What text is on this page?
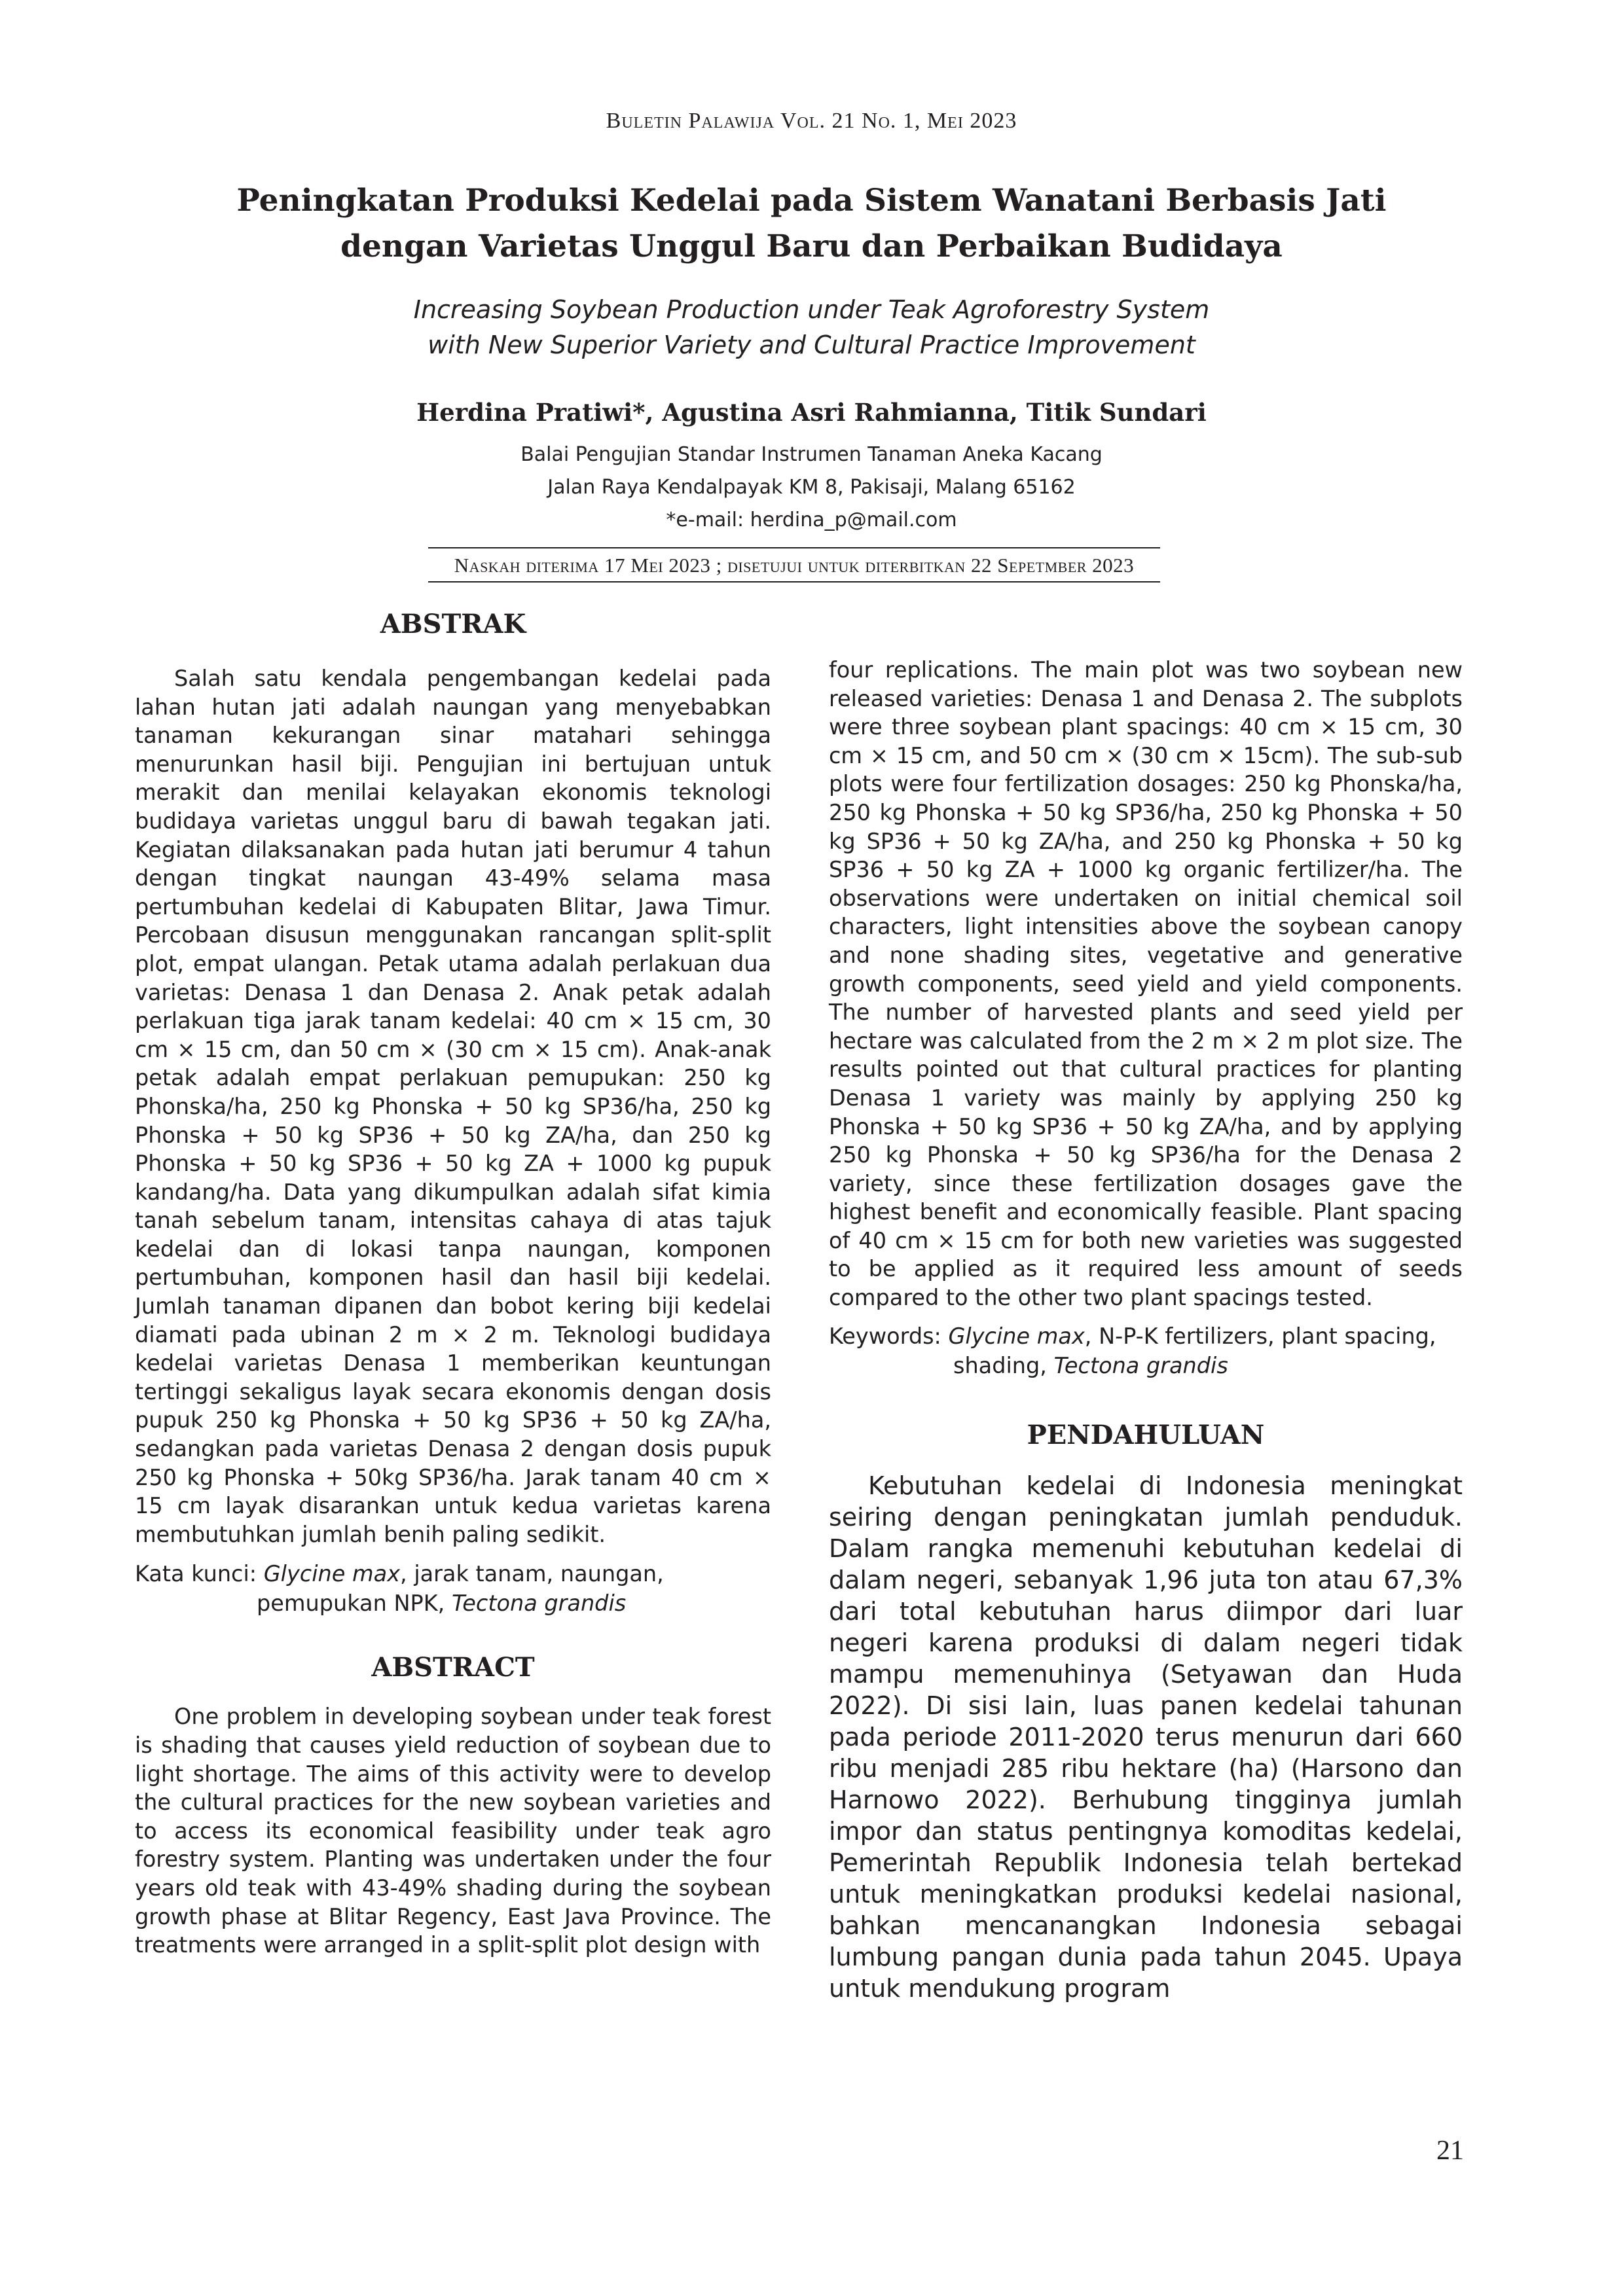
Buletin Palawija Vol. 21 No. 1, Mei 2023
Peningkatan Produksi Kedelai pada Sistem Wanatani Berbasis Jati
dengan Varietas Unggul Baru dan Perbaikan Budidaya
Increasing Soybean Production under Teak Agroforestry System
with New Superior Variety and Cultural Practice Improvement
Herdina Pratiwi*, Agustina Asri Rahmianna, Titik Sundari
Balai Pengujian Standar Instrumen Tanaman Aneka Kacang
Jalan Raya Kendalpayak KM 8, Pakisaji, Malang 65162
*e-mail: herdina_p@mail.com
Naskah diterima 17 Mei 2023 ; disetujui untuk diterbitkan 22 Sepetmber 2023
ABSTRAK

Salah satu kendala pengembangan kedelai pada lahan hutan jati adalah naungan yang menyebabkan tanaman kekurangan sinar matahari sehingga menurunkan hasil biji. Pengujian ini bertujuan untuk merakit dan menilai kelayakan ekonomis teknologi budidaya varietas unggul baru di bawah tegakan jati. Kegiatan dilaksanakan pada hutan jati berumur 4 tahun dengan tingkat naungan 43-49% selama masa pertumbuhan kedelai di Kabupaten Blitar, Jawa Timur. Percobaan disusun menggunakan rancangan split-split plot, empat ulangan. Petak utama adalah perlakuan dua varietas: Denasa 1 dan Denasa 2. Anak petak adalah perlakuan tiga jarak tanam kedelai: 40 cm × 15 cm, 30 cm × 15 cm, dan 50 cm × (30 cm × 15 cm). Anak-anak petak adalah empat perlakuan pemupukan: 250 kg Phonska/ha, 250 kg Phonska + 50 kg SP36/ha, 250 kg Phonska + 50 kg SP36 + 50 kg ZA/ha, dan 250 kg Phonska + 50 kg SP36 + 50 kg ZA + 1000 kg pupuk kandang/ha. Data yang dikumpulkan adalah sifat kimia tanah sebelum tanam, intensitas cahaya di atas tajuk kedelai dan di lokasi tanpa naungan, komponen pertumbuhan, komponen hasil dan hasil biji kedelai. Jumlah tanaman dipanen dan bobot kering biji kedelai diamati pada ubinan 2 m × 2 m. Teknologi budidaya kedelai varietas Denasa 1 memberikan keuntungan tertinggi sekaligus layak secara ekonomis dengan dosis pupuk 250 kg Phonska + 50 kg SP36 + 50 kg ZA/ha, sedangkan pada varietas Denasa 2 dengan dosis pupuk 250 kg Phonska + 50kg SP36/ha. Jarak tanam 40 cm × 15 cm layak disarankan untuk kedua varietas karena membutuhkan jumlah benih paling sedikit.

Kata kunci: Glycine max, jarak tanam, naungan,
pemupukan NPK, Tectona grandis

ABSTRACT

One problem in developing soybean under teak forest is shading that causes yield reduction of soybean due to light shortage. The aims of this activity were to develop the cultural practices for the new soybean varieties and to access its economical feasibility under teak agro forestry system. Planting was undertaken under the four years old teak with 43-49% shading during the soybean growth phase at Blitar Regency, East Java Province. The treatments were arranged in a split-split plot design with

four replications. The main plot was two soybean new released varieties: Denasa 1 and Denasa 2. The subplots were three soybean plant spacings: 40 cm × 15 cm, 30 cm × 15 cm, and 50 cm × (30 cm × 15cm). The sub-sub plots were four fertilization dosages: 250 kg Phonska/ha, 250 kg Phonska + 50 kg SP36/ha, 250 kg Phonska + 50 kg SP36 + 50 kg ZA/ha, and 250 kg Phonska + 50 kg SP36 + 50 kg ZA + 1000 kg organic fertilizer/ha. The observations were undertaken on initial chemical soil characters, light intensities above the soybean canopy and none shading sites, vegetative and generative growth components, seed yield and yield components. The number of harvested plants and seed yield per hectare was calculated from the 2 m × 2 m plot size. The results pointed out that cultural practices for planting Denasa 1 variety was mainly by applying 250 kg Phonska + 50 kg SP36 + 50 kg ZA/ha, and by applying 250 kg Phonska + 50 kg SP36/ha for the Denasa 2 variety, since these fertilization dosages gave the highest benefit and economically feasible. Plant spacing of 40 cm × 15 cm for both new varieties was suggested to be applied as it required less amount of seeds compared to the other two plant spacings tested.

Keywords: Glycine max, N-P-K fertilizers, plant spacing,
shading, Tectona grandis

PENDAHULUAN

Kebutuhan kedelai di Indonesia meningkat seiring dengan peningkatan jumlah penduduk. Dalam rangka memenuhi kebutuhan kedelai di dalam negeri, sebanyak 1,96 juta ton atau 67,3% dari total kebutuhan harus diimpor dari luar negeri karena produksi di dalam negeri tidak mampu memenuhinya (Setyawan dan Huda 2022). Di sisi lain, luas panen kedelai tahunan pada periode 2011-2020 terus menurun dari 660 ribu menjadi 285 ribu hektare (ha) (Harsono dan Harnowo 2022). Berhubung tingginya jumlah impor dan status pentingnya komoditas kedelai, Pemerintah Republik Indonesia telah bertekad untuk meningkatkan produksi kedelai nasional, bahkan mencanangkan Indonesia sebagai lumbung pangan dunia pada tahun 2045. Upaya untuk mendukung program

21
